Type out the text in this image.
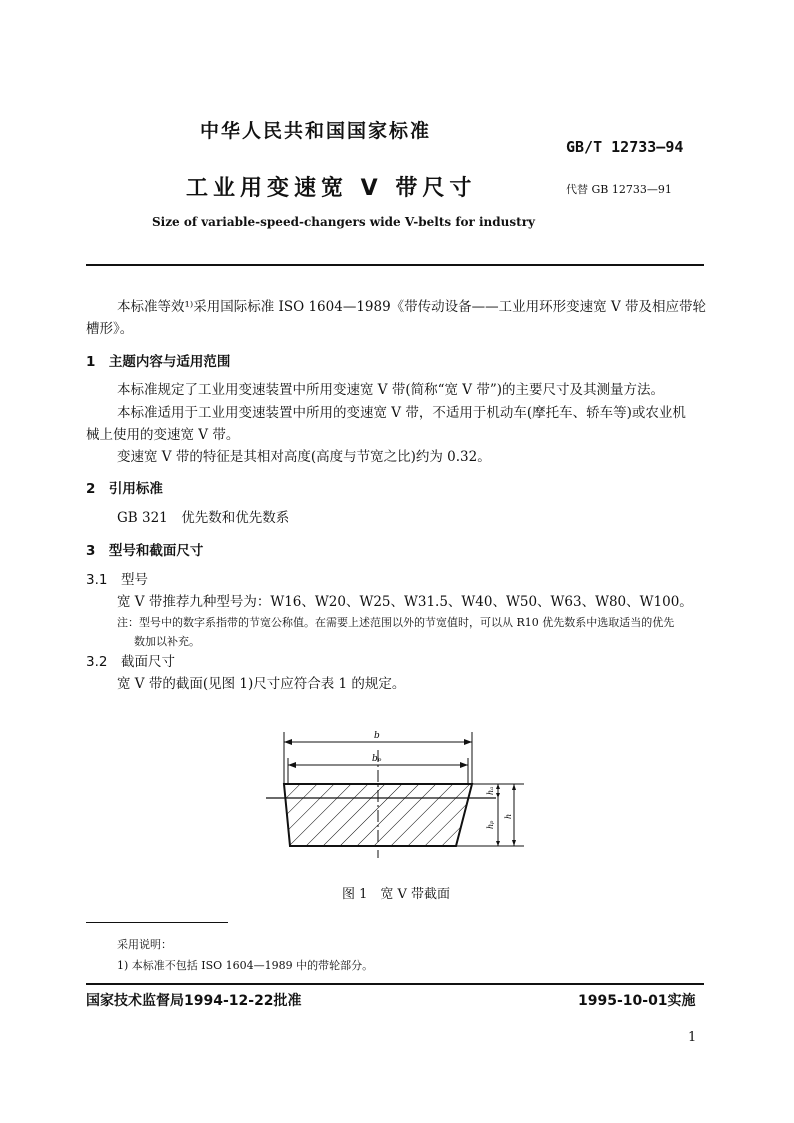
中华人民共和国国家标准
GB/T 12733—94
工业用变速宽 V 带尺寸	代替 GB 12733—91
Size of variable-speed-changers wide V-belts for industry
本标准等效¹⁾采用国际标准 ISO 1604—1989《带传动设备——工业用环形变速宽 V 带及相应带轮
槽形》。
1　主题内容与适用范围
本标准规定了工业用变速装置中所用变速宽 V 带(简称“宽 V 带”)的主要尺寸及其测量方法。
本标准适用于工业用变速装置中所用的变速宽 V 带，不适用于机动车(摩托车、轿车等)或农业机
械上使用的变速宽 V 带。
变速宽 V 带的特征是其相对高度(高度与节宽之比)约为 0.32。
2　引用标准
GB 321　优先数和优先数系
3　型号和截面尺寸
3.1　型号
宽 V 带推荐九种型号为：W16、W20、W25、W31.5、W40、W50、W63、W80、W100。
注：型号中的数字系指带的节宽公称值。在需要上述范围以外的节宽值时，可以从 R10 优先数系中选取适当的优先
数加以补充。
3.2　截面尺寸
宽 V 带的截面(见图 1)尺寸应符合表 1 的规定。
b
bₚ
hₐ
hₚ
h
图 1　宽 V 带截面
采用说明：
1) 本标准不包括 ISO 1604—1989 中的带轮部分。
国家技术监督局1994-12-22批准	1995-10-01实施
1
